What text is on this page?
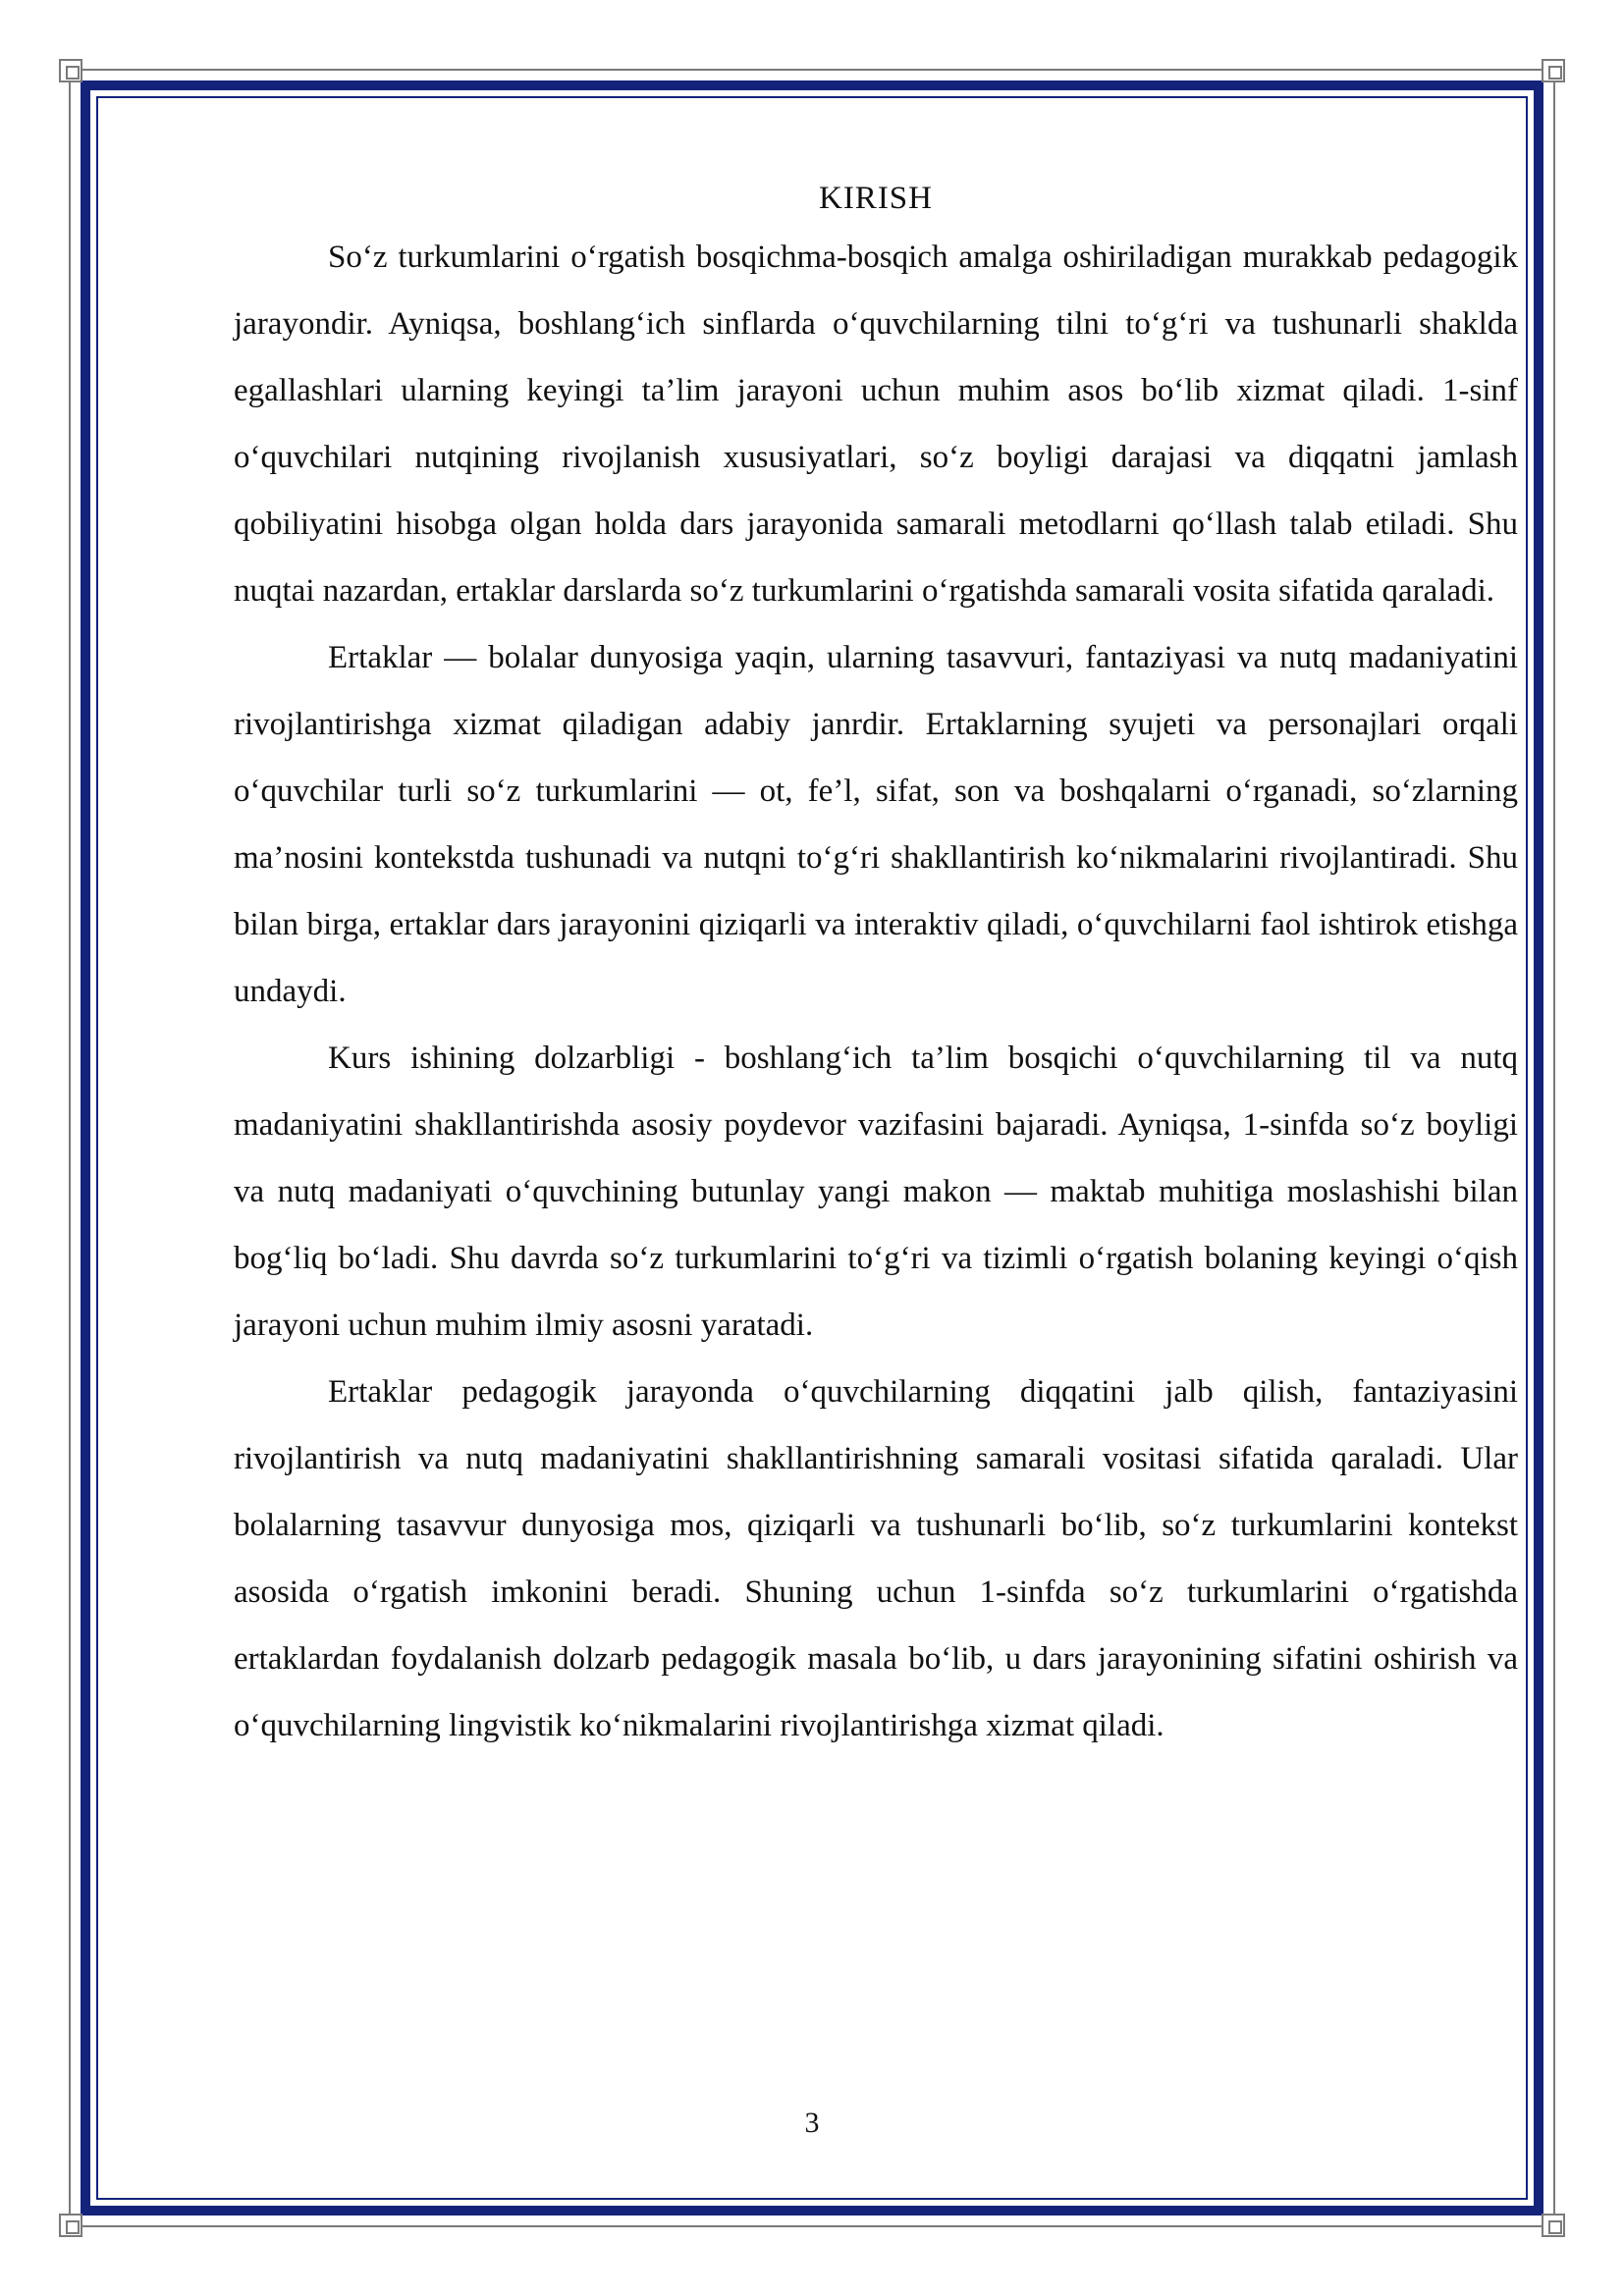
KIRISH

So‘z turkumlarini o‘rgatish bosqichma-bosqich amalga oshiriladigan murakkab pedagogik jarayondir. Ayniqsa, boshlang‘ich sinflarda o‘quvchilarning tilni to‘g‘ri va tushunarli shaklda egallashlari ularning keyingi ta’lim jarayoni uchun muhim asos bo‘lib xizmat qiladi. 1-sinf o‘quvchilari nutqining rivojlanish xususiyatlari, so‘z boyligi darajasi va diqqatni jamlash qobiliyatini hisobga olgan holda dars jarayonida samarali metodlarni qo‘llash talab etiladi. Shu nuqtai nazardan, ertaklar darslarda so‘z turkumlarini o‘rgatishda samarali vosita sifatida qaraladi.

Ertaklar — bolalar dunyosiga yaqin, ularning tasavvuri, fantaziyasi va nutq madaniyatini rivojlantirishga xizmat qiladigan adabiy janrdir. Ertaklarning syujeti va personajlari orqali o‘quvchilar turli so‘z turkumlarini — ot, fe’l, sifat, son va boshqalarni o‘rganadi, so‘zlarning ma’nosini kontekstda tushunadi va nutqni to‘g‘ri shakllantirish ko‘nikmalarini rivojlantiradi. Shu bilan birga, ertaklar dars jarayonini qiziqarli va interaktiv qiladi, o‘quvchilarni faol ishtirok etishga undaydi.

Kurs ishining dolzarbligi - boshlang‘ich ta’lim bosqichi o‘quvchilarning til va nutq madaniyatini shakllantirishda asosiy poydevor vazifasini bajaradi. Ayniqsa, 1-sinfda so‘z boyligi va nutq madaniyati o‘quvchining butunlay yangi makon — maktab muhitiga moslashishi bilan bog‘liq bo‘ladi. Shu davrda so‘z turkumlarini to‘g‘ri va tizimli o‘rgatish bolaning keyingi o‘qish jarayoni uchun muhim ilmiy asosni yaratadi.

Ertaklar pedagogik jarayonda o‘quvchilarning diqqatini jalb qilish, fantaziyasini rivojlantirish va nutq madaniyatini shakllantirishning samarali vositasi sifatida qaraladi. Ular bolalarning tasavvur dunyosiga mos, qiziqarli va tushunarli bo‘lib, so‘z turkumlarini kontekst asosida o‘rgatish imkonini beradi. Shuning uchun 1-sinfda so‘z turkumlarini o‘rgatishda ertaklardan foydalanish dolzarb pedagogik masala bo‘lib, u dars jarayonining sifatini oshirish va o‘quvchilarning lingvistik ko‘nikmalarini rivojlantirishga xizmat qiladi.

3
